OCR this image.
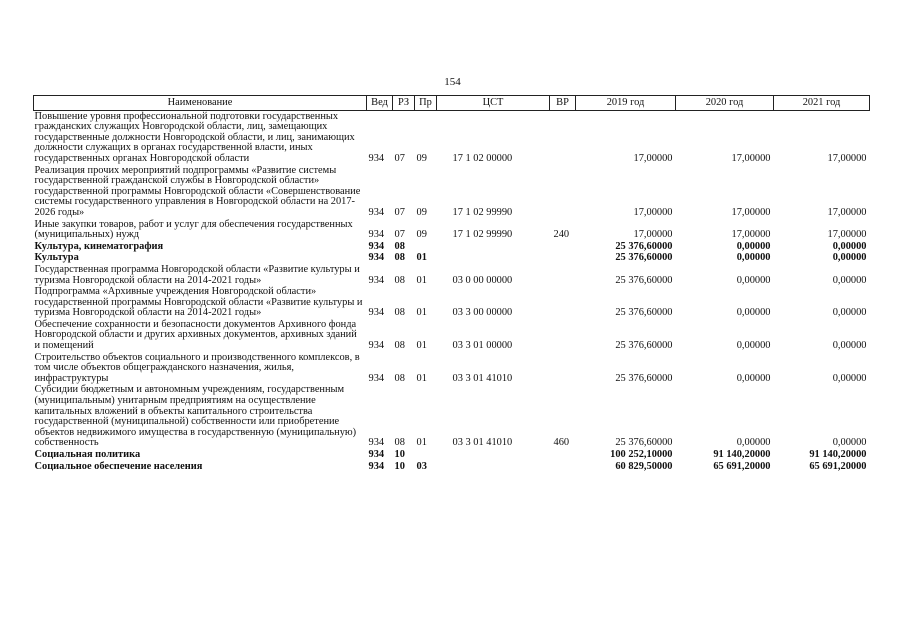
154
Наименование	Вед	РЗ	Пр	ЦСТ	ВР	2019 год	2020 год	2021 год
Повышение уровня профессиональной подготовки государственных гражданских служащих Новгородской области, лиц, замещающих государственные должности Новгородской области, и лиц, занимающих должности служащих в органах государственной власти, иных государственных органах Новгородской области	934	07	09	17 1 02 00000		17,00000	17,00000	17,00000
Реализация прочих мероприятий подпрограммы «Развитие системы государственной гражданской службы в Новгородской области» государственной программы Новгородской области «Совершенствование системы государственного управления в Новгородской области на 2017-2026 годы»	934	07	09	17 1 02 99990		17,00000	17,00000	17,00000
Иные закупки товаров, работ и услуг для обеспечения государственных (муниципальных) нужд	934	07	09	17 1 02 99990	240	17,00000	17,00000	17,00000
Культура, кинематография	934	08				25 376,60000	0,00000	0,00000
Культура	934	08	01			25 376,60000	0,00000	0,00000
Государственная программа Новгородской области «Развитие культуры и туризма Новгородской области на 2014-2021 годы»	934	08	01	03 0 00 00000		25 376,60000	0,00000	0,00000
Подпрограмма «Архивные учреждения Новгородской области» государственной программы Новгородской области «Развитие культуры и туризма Новгородской области на 2014-2021 годы»	934	08	01	03 3 00 00000		25 376,60000	0,00000	0,00000
Обеспечение сохранности и безопасности документов Архивного фонда Новгородской области и других архивных документов, архивных зданий и помещений	934	08	01	03 3 01 00000		25 376,60000	0,00000	0,00000
Строительство объектов социального и производственного комплексов, в том числе объектов общегражданского назначения, жилья, инфраструктуры	934	08	01	03 3 01 41010		25 376,60000	0,00000	0,00000
Субсидии бюджетным и автономным учреждениям, государственным (муниципальным) унитарным предприятиям на осуществление капитальных вложений в объекты капитального строительства государственной (муниципальной) собственности или приобретение объектов недвижимого имущества в государственную (муниципальную) собственность	934	08	01	03 3 01 41010	460	25 376,60000	0,00000	0,00000
Социальная политика	934	10				100 252,10000	91 140,20000	91 140,20000
Социальное обеспечение населения	934	10	03			60 829,50000	65 691,20000	65 691,20000
